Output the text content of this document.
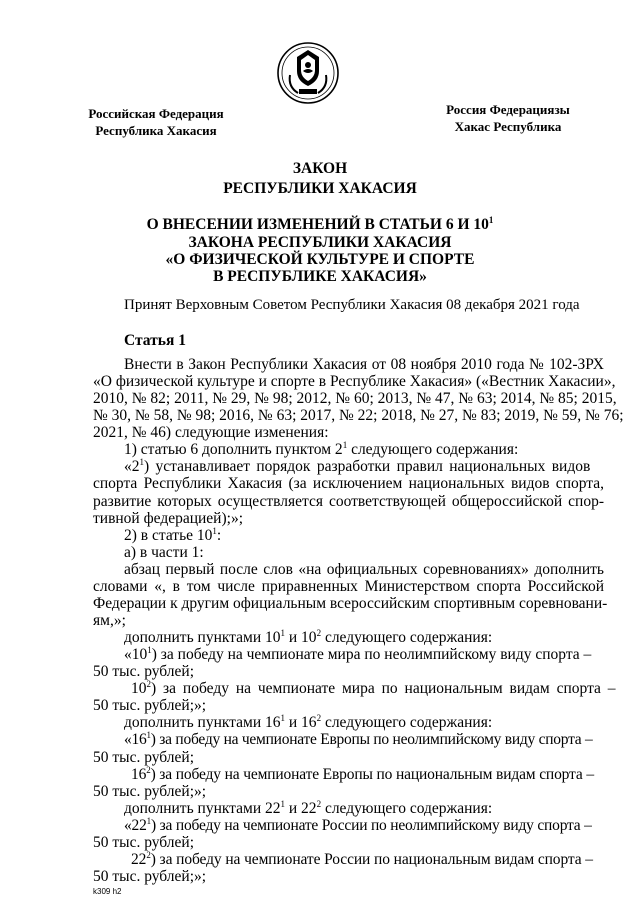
Российская Федерация
Республика Хакасия
Россия Федерациязы
Хакас Республика
ЗАКОН
РЕСПУБЛИКИ ХАКАСИЯ
О ВНЕСЕНИИ ИЗМЕНЕНИЙ В СТАТЬИ 6 И $10^1$
ЗАКОНА РЕСПУБЛИКИ ХАКАСИЯ
«О ФИЗИЧЕСКОЙ КУЛЬТУРЕ И СПОРТЕ
В РЕСПУБЛИКЕ ХАКАСИЯ»
Принят Верховным Советом Республики Хакасия 08 декабря 2021 года
Статья 1
Внести в Закон Республики Хакасия от 08 ноября 2010 года № 102-ЗРХ
«О физической культуре и спорте в Республике Хакасия» («Вестник Хакасии»,
2010, № 82; 2011, № 29, № 98; 2012, № 60; 2013, № 47, № 63; 2014, № 85; 2015,
№ 30, № 58, № 98; 2016, № 63; 2017, № 22; 2018, № 27, № 83; 2019, № 59, № 76;
2021, № 46) следующие изменения:
1) статью 6 дополнить пунктом $2^1$ следующего содержания:
«$2^1$) устанавливает порядок разработки правил национальных видов
спорта Республики Хакасия (за исключением национальных видов спорта,
развитие которых осуществляется соответствующей общероссийской спор-
тивной федерацией);»;
2) в статье $10^1$:
а) в части 1:
абзац первый после слов «на официальных соревнованиях» дополнить
словами «, в том числе приравненных Министерством спорта Российской
Федерации к другим официальным всероссийским спортивным соревновани-
ям,»;
дополнить пунктами $10^1$ и $10^2$ следующего содержания:
«$10^1$) за победу на чемпионате мира по неолимпийскому виду спорта –
50 тыс. рублей;
$10^2$) за победу на чемпионате мира по национальным видам спорта –
50 тыс. рублей;»;
дополнить пунктами $16^1$ и $16^2$ следующего содержания:
«$16^1$) за победу на чемпионате Европы по неолимпийскому виду спорта –
50 тыс. рублей;
$16^2$) за победу на чемпионате Европы по национальным видам спорта –
50 тыс. рублей;»;
дополнить пунктами $22^1$ и $22^2$ следующего содержания:
«$22^1$) за победу на чемпионате России по неолимпийскому виду спорта –
50 тыс. рублей;
$22^2$) за победу на чемпионате России по национальным видам спорта –
50 тыс. рублей;»;
k309 h2
